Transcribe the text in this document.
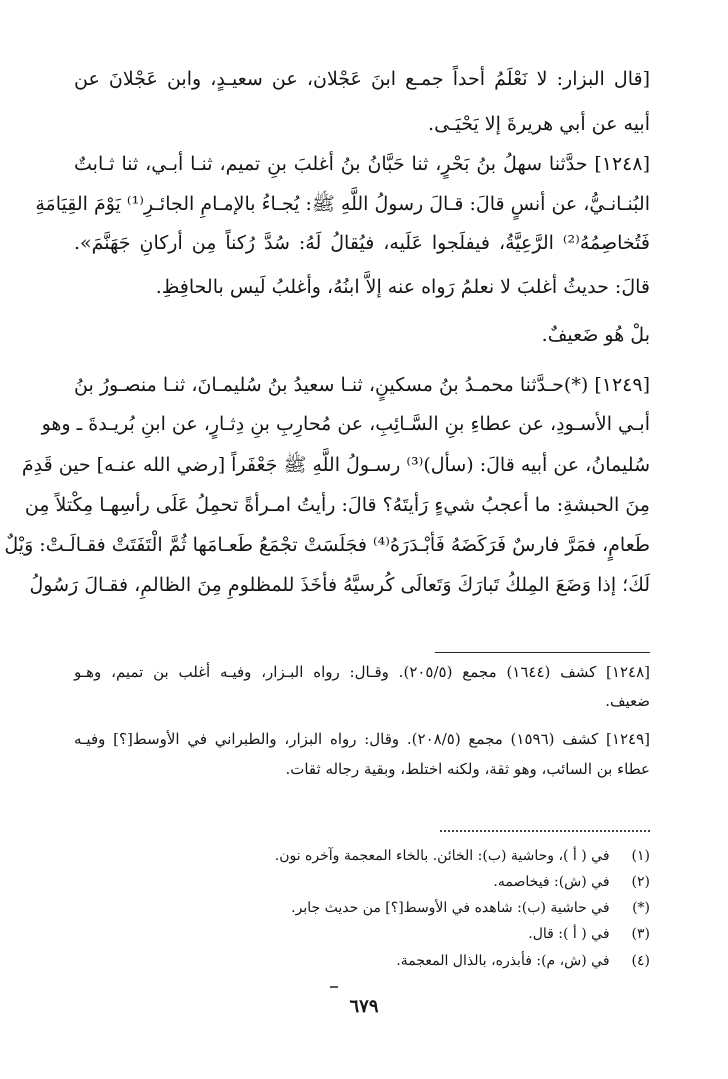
[قال البزار: لا نَعْلَمُ أحداً جمـع ابنَ عَجْلان، عن سعيـدٍ، وابن عَجْلانَ عن
أبيه عن أبي هريرةَ إلا يَحْيَـى.
[١٢٤٨] حدَّثنا سهلُ بنُ بَحْرٍ، ثنا حَبَّانُ بنُ أغلبَ بنِ تميم، ثنـا أبـي، ثنا ثـابتٌ
البُنـانـيُّ، عن أنسٍ قالَ: قـالَ رسولُ اللَّهِ ﷺ: يُجـاءُ بالإمـامِ الجائـرِ⁽¹⁾ يَوْمَ القِيَامَةِ
فَتُخاصِمُهُ⁽²⁾ الرَّعِيَّةُ، فيفلَجوا عَلَيه، فيُقالُ لَهُ: سُدَّ رُكناً مِن أركانِ جَهَنَّمَ».
قالَ: حديثُ أغلبَ لا نعلمُ رَواه عنه إلاَّ ابنُهُ، وأغلبُ لَيس بالحافِظِ.
بلْ هُو ضَعيفٌ.
[١٢٤٩] (*)حـدَّثنا محمـدُ بنُ مسكينٍ، ثنـا سعيدُ بنُ سُليمـانَ، ثنـا منصـورُ بنُ
أبـي الأسـودِ، عن عطاءِ بنِ السَّـائِبِ، عن مُحارِبِ بنِ دِثـارٍ، عن ابنِ بُريـدةَ ـ وهو
سُليمانُ، عن أبيه قالَ: (سأل)⁽³⁾ رسـولُ اللَّهِ ﷺ جَعْفَراً [رضي الله عنـه] حين قَدِمَ
مِنَ الحبشةِ: ما أعجبُ شيءٍ رَأيتَهُ؟ قالَ: رأيتُ امـرأةً تحمِلُ عَلَى رأسِهـا مِكْتلاً مِن
طَعامٍ، فمَرَّ فارسٌ فَرَكَضَهُ فَأبْـدَرَهُ⁽⁴⁾ فجَلَسَتْ تجْمَعُ طَعـامَها ثُمَّ الْتَفَتَتْ فقـالَـتْ: وَيْلٌ
لَكَ؛ إذا وَضَعَ المِلكُ تَبارَكَ وَتَعالَى كُرسيَّهُ فأخَذَ للمظلومِ مِنَ الظالمِ، فقـالَ رَسُولُ
[١٢٤٨] كشف (١٦٤٤) مجمع (٢٠٥/٥). وقـال: رواه البـزار، وفيـه أغلب بن تميم، وهـو
ضعيف.
[١٢٤٩] كشف (١٥٩٦) مجمع (٢٠٨/٥). وقال: رواه البزار، والطبراني في الأوسط[؟] وفيـه
عطاء بن السائب، وهو ثقة، ولكنه اختلط، وبقية رجاله ثقات.
(١) في ( أ )، وحاشية (ب): الخائن. بالخاء المعجمة وآخره نون.
(٢) في (ش): فيخاصمه.
(*) في حاشية (ب): شاهده في الأوسط[؟] من حديث جابر.
(٣) في ( أ ): قال.
(٤) في (ش، م): فأبذره، بالذال المعجمة.
٦٧٩
